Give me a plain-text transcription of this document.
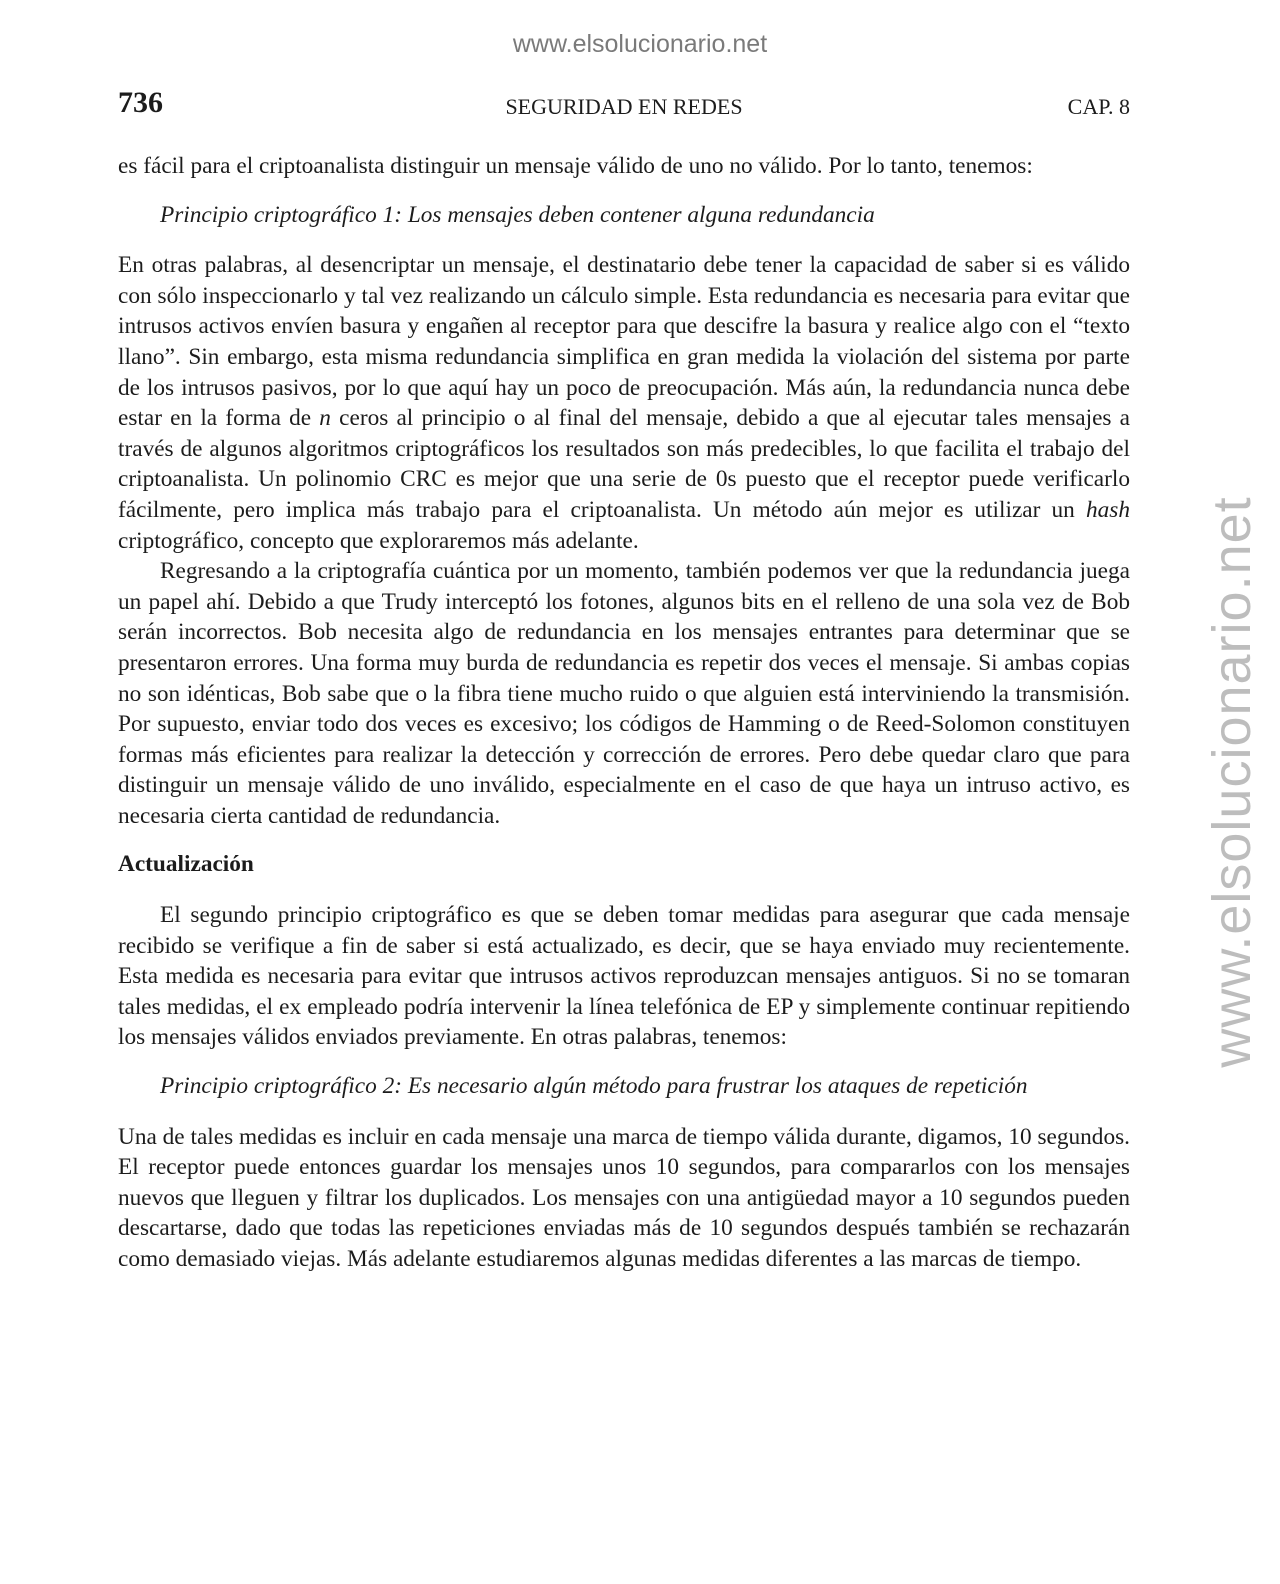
www.elsolucionario.net
www.elsolucionario.net
736	SEGURIDAD EN REDES	CAP. 8

es fácil para el criptoanalista distinguir un mensaje válido de uno no válido. Por lo tanto, tenemos:

Principio criptográfico 1: Los mensajes deben contener alguna redundancia

En otras palabras, al desencriptar un mensaje, el destinatario debe tener la capacidad de saber si es válido con sólo inspeccionarlo y tal vez realizando un cálculo simple. Esta redundancia es necesaria para evitar que intrusos activos envíen basura y engañen al receptor para que descifre la basura y realice algo con el “texto llano”. Sin embargo, esta misma redundancia simplifica en gran medida la violación del sistema por parte de los intrusos pasivos, por lo que aquí hay un poco de preocupación. Más aún, la redundancia nunca debe estar en la forma de n ceros al principio o al final del mensaje, debido a que al ejecutar tales mensajes a través de algunos algoritmos criptográficos los resultados son más predecibles, lo que facilita el trabajo del criptoanalista. Un polinomio CRC es mejor que una serie de 0s puesto que el receptor puede verificarlo fácilmente, pero implica más trabajo para el criptoanalista. Un método aún mejor es utilizar un hash criptográfico, concepto que exploraremos más adelante.

Regresando a la criptografía cuántica por un momento, también podemos ver que la redundancia juega un papel ahí. Debido a que Trudy interceptó los fotones, algunos bits en el relleno de una sola vez de Bob serán incorrectos. Bob necesita algo de redundancia en los mensajes entrantes para determinar que se presentaron errores. Una forma muy burda de redundancia es repetir dos veces el mensaje. Si ambas copias no son idénticas, Bob sabe que o la fibra tiene mucho ruido o que alguien está interviniendo la transmisión. Por supuesto, enviar todo dos veces es excesivo; los códigos de Hamming o de Reed-Solomon constituyen formas más eficientes para realizar la detección y corrección de errores. Pero debe quedar claro que para distinguir un mensaje válido de uno inválido, especialmente en el caso de que haya un intruso activo, es necesaria cierta cantidad de redundancia.

Actualización

El segundo principio criptográfico es que se deben tomar medidas para asegurar que cada mensaje recibido se verifique a fin de saber si está actualizado, es decir, que se haya enviado muy recientemente. Esta medida es necesaria para evitar que intrusos activos reproduzcan mensajes antiguos. Si no se tomaran tales medidas, el ex empleado podría intervenir la línea telefónica de EP y simplemente continuar repitiendo los mensajes válidos enviados previamente. En otras palabras, tenemos:

Principio criptográfico 2: Es necesario algún método para frustrar los ataques de repetición

Una de tales medidas es incluir en cada mensaje una marca de tiempo válida durante, digamos, 10 segundos. El receptor puede entonces guardar los mensajes unos 10 segundos, para compararlos con los mensajes nuevos que lleguen y filtrar los duplicados. Los mensajes con una antigüedad mayor a 10 segundos pueden descartarse, dado que todas las repeticiones enviadas más de 10 segundos después también se rechazarán como demasiado viejas. Más adelante estudiaremos algunas medidas diferentes a las marcas de tiempo.
